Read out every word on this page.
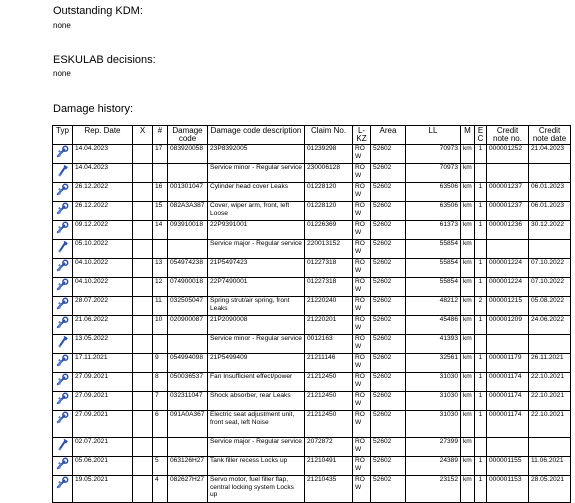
Outstanding KDM:
none
ESKULAB decisions:
none
Damage history:
Typ	Rep. Date	X	#	Damage code	Damage code description	Claim No.	L-KZ	Area	LL	M	E C	Credit note no.	Credit note date
	14.04.2023		17	083920058	23P8392005	01239298	RO W	52602	70973	km	1	000001252	21.04.2023
	14.04.2023				Service minor - Regular service	230006128	RO W	52602	70973	km			
	26.12.2022		16	001301047	Cylinder head cover Leaks	01228120	RO W	52602	63506	km	1	000001237	06.01.2023
	26.12.2022		15	082A3A387	Cover, wiper arm, front, left Loose	01228120	RO W	52602	63506	km	1	000001237	06.01.2023
	09.12.2022		14	093910018	22P9391001	01226369	RO W	52602	61373	km	1	000001236	30.12.2022
	05.10.2022				Service major - Regular service	220013152	RO W	52602	55854	km			
	04.10.2022		13	054974238	21P5497423	01227318	RO W	52602	55854	km	1	000001224	07.10.2022
	04.10.2022		12	074900018	22P7490001	01227318	RO W	52602	55854	km	1	000001224	07.10.2022
	28.07.2022		11	032505047	Spring strut/air spring, front Leaks	21220240	RO W	52602	48212	km	2	000001215	05.08.2022
	21.06.2022		10	020900087	21P2090008	21220201	RO W	52602	45486	km	1	000001209	24.06.2022
	13.05.2022				Service minor - Regular service	0012163	RO W	52602	41393	km			
	17.11.2021		9	054994098	21P5499409	21211146	RO W	52602	32561	km	1	000001179	26.11.2021
	27.09.2021		8	050036537	Fan Insufficient effect/power	21212450	RO W	52602	31030	km	1	000001174	22.10.2021
	27.09.2021		7	032311047	Shock absorber, rear Leaks	21212450	RO W	52602	31030	km	1	000001174	22.10.2021
	27.09.2021		6	091A0A367	Electric seat adjustment unit, front seat, left Noise	21212450	RO W	52602	31030	km	1	000001174	22.10.2021
	02.07.2021				Service major - Regular service	2072872	RO W	52602	27399	km			
	05.06.2021		5	063126H27	Tank filler recess Locks up	21210491	RO W	52602	24389	km	1	000001155	11.06.2021
	19.05.2021		4	082627H27	Servo motor, fuel filler flap, central locking system Locks up	21210435	RO W	52602	23152	km	1	000001153	28.05.2021
